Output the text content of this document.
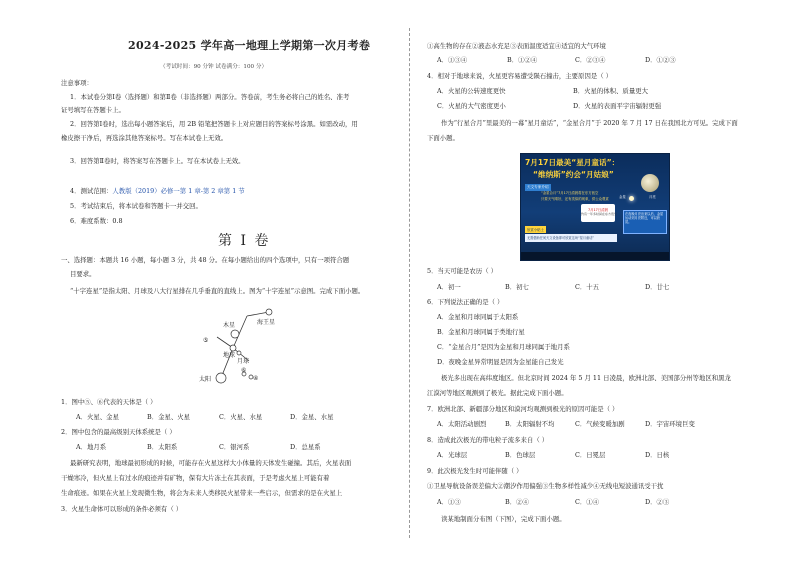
2024-2025 学年高一地理上学期第一次月考卷
（考试时间：90 分钟 试卷满分：100 分）
注意事项：
1．本试卷分第Ⅰ卷（选择题）和第Ⅱ卷（非选择题）两部分。答卷前，考生务必将自己的姓名、准考
证号填写在答题卡上。
2．回答第Ⅰ卷时，选出每小题答案后，用 2B 铅笔把答题卡上对应题目的答案标号涂黑。如需改动，用
橡皮擦干净后，再选涂其他答案标号。写在本试卷上无效。
3．回答第Ⅱ卷时，将答案写在答题卡上。写在本试卷上无效。
4．测试范围：人教版（2019）必修一第 1 章-第 2 章第 1 节
5．考试结束后，将本试卷和答题卡一并交回。
6．难度系数：0.8
第 I 卷
一、选择题：本题共 16 小题，每小题 3 分，共 48 分。在每小题给出的四个选项中，只有一项符合题
目要求。
“十字连星”是指太阳、月球及八大行星排在几乎垂直的直线上。图为“十字连星”示意图。完成下面小题。
木星	海王星
⑤
地球
月球
⑥
太阳	④
1．图中⑤、⑥代表的天体是（ ）
A．火星、金星	B．金星、火星	C．火星、水星	D．金星、水星
2．图中包含的最高级别天体系统是（ ）
A．地月系	B．太阳系	C．银河系	D．总星系
最新研究表明，地球最初形成的时候，可能存在火星这样大小体量的天体发生碰撞。其后，火星表面
干燥寒冷，但火星上有过水的痕迹并有矿物，保有大片冻土在其表面，于是考虑火星上可能有着
生命痕迹。如果在火星上发现微生物，将会为未来人类移民火星带来一些启示，但需求的是在火星上
3．火星生命体可以形成的条件必须有（ ）
①高生物的存在②液态水充足③表面温度适宜④适宜的大气环境
A．①③④	B．①②④	C．②③④	D．①②③
4．相对于地球来说，火星更容易遭受陨石撞击，主要原因是（ ）
A．火星的公转速度更快	B．火星的体积、质量更大
C．火星的大气密度更小	D．火星的表面平宇宙辐射更强
作为“行星合月”里最美的一幕“星月童话”，“金星合月”于 2020 年 7 月 17 日在我国北方可见。完成下面
下面小题。
7月17日最美“星月童话”：
“维纳斯”约会“月姑娘”
天文专家介绍
“金星合月”7月17日清晨将在东方低空
只要天气晴好，还有类似的现象，供公众观赏
7月17日清晨
约有一年多时间在东方低空
金星	月亮
在夜晚月亮出来以后，金星运动到月亮附近，可以欣赏。
欣赏小贴士
无需借助任何天文设备即可欣赏这场“星月童话”
5．当天可能是农历（ ）
A．初一	B．初七	C．十五	D．廿七
6．下列说法正确的是（ ）
A．金星和月球同属于太阳系
B．金星和月球同属于类地行星
C．“金星合月”是因为金星和月球同属于地月系
D．夜晚金星异常明显是因为金星能自己发光
极光多出现在高纬度地区。但北京时间 2024 年 5 月 11 日凌晨，欧洲北部、美国部分州等地区和黑龙
江漠河等地区观测到了极光。据此完成下面小题。
7．欧洲北部、新疆部分地区和漠河均观测到极光的原因可能是（ ）
A．太阳活动剧烈	B．太阳辐射不均	C．气候变暖加剧	D．宇宙环境巨变
8．造成此次极光的带电粒子流多来自（ ）
A．光球层	B．色球层	C．日冕层	D．日核
9．此次极光发生时可能伴随（ ）
①卫星导航设备误差偏大②潮汐作用偏强③生物多样性减少④无线电短波通讯受干扰
A．①③	B．②④	C．①④	D．②③
读某地制面分布图（下图），完成下面小题。
